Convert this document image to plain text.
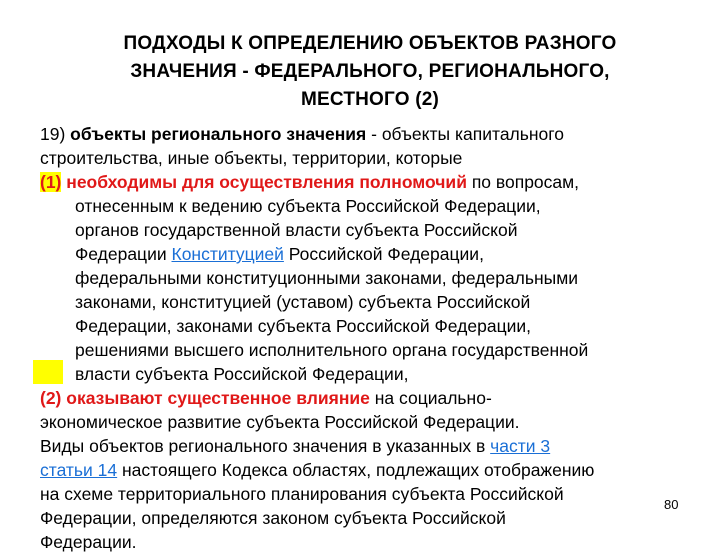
ПОДХОДЫ К ОПРЕДЕЛЕНИЮ ОБЪЕКТОВ РАЗНОГО
ЗНАЧЕНИЯ - ФЕДЕРАЛЬНОГО, РЕГИОНАЛЬНОГО,
МЕСТНОГО (2)
19) объекты регионального значения - объекты капитального
строительства, иные объекты, территории, которые
(1) необходимы для осуществления полномочий по вопросам,
отнесенным к ведению субъекта Российской Федерации,
органов государственной власти субъекта Российской
Федерации Конституцией Российской Федерации,
федеральными конституционными законами, федеральными
законами, конституцией (уставом) субъекта Российской
Федерации, законами субъекта Российской Федерации,
решениями высшего исполнительного органа государственной
власти субъекта Российской Федерации,
(2) оказывают существенное влияние на социально-
экономическое развитие субъекта Российской Федерации.
Виды объектов регионального значения в указанных в части 3
статьи 14 настоящего Кодекса областях, подлежащих отображению
на схеме территориального планирования субъекта Российской
Федерации, определяются законом субъекта Российской
Федерации.
80
